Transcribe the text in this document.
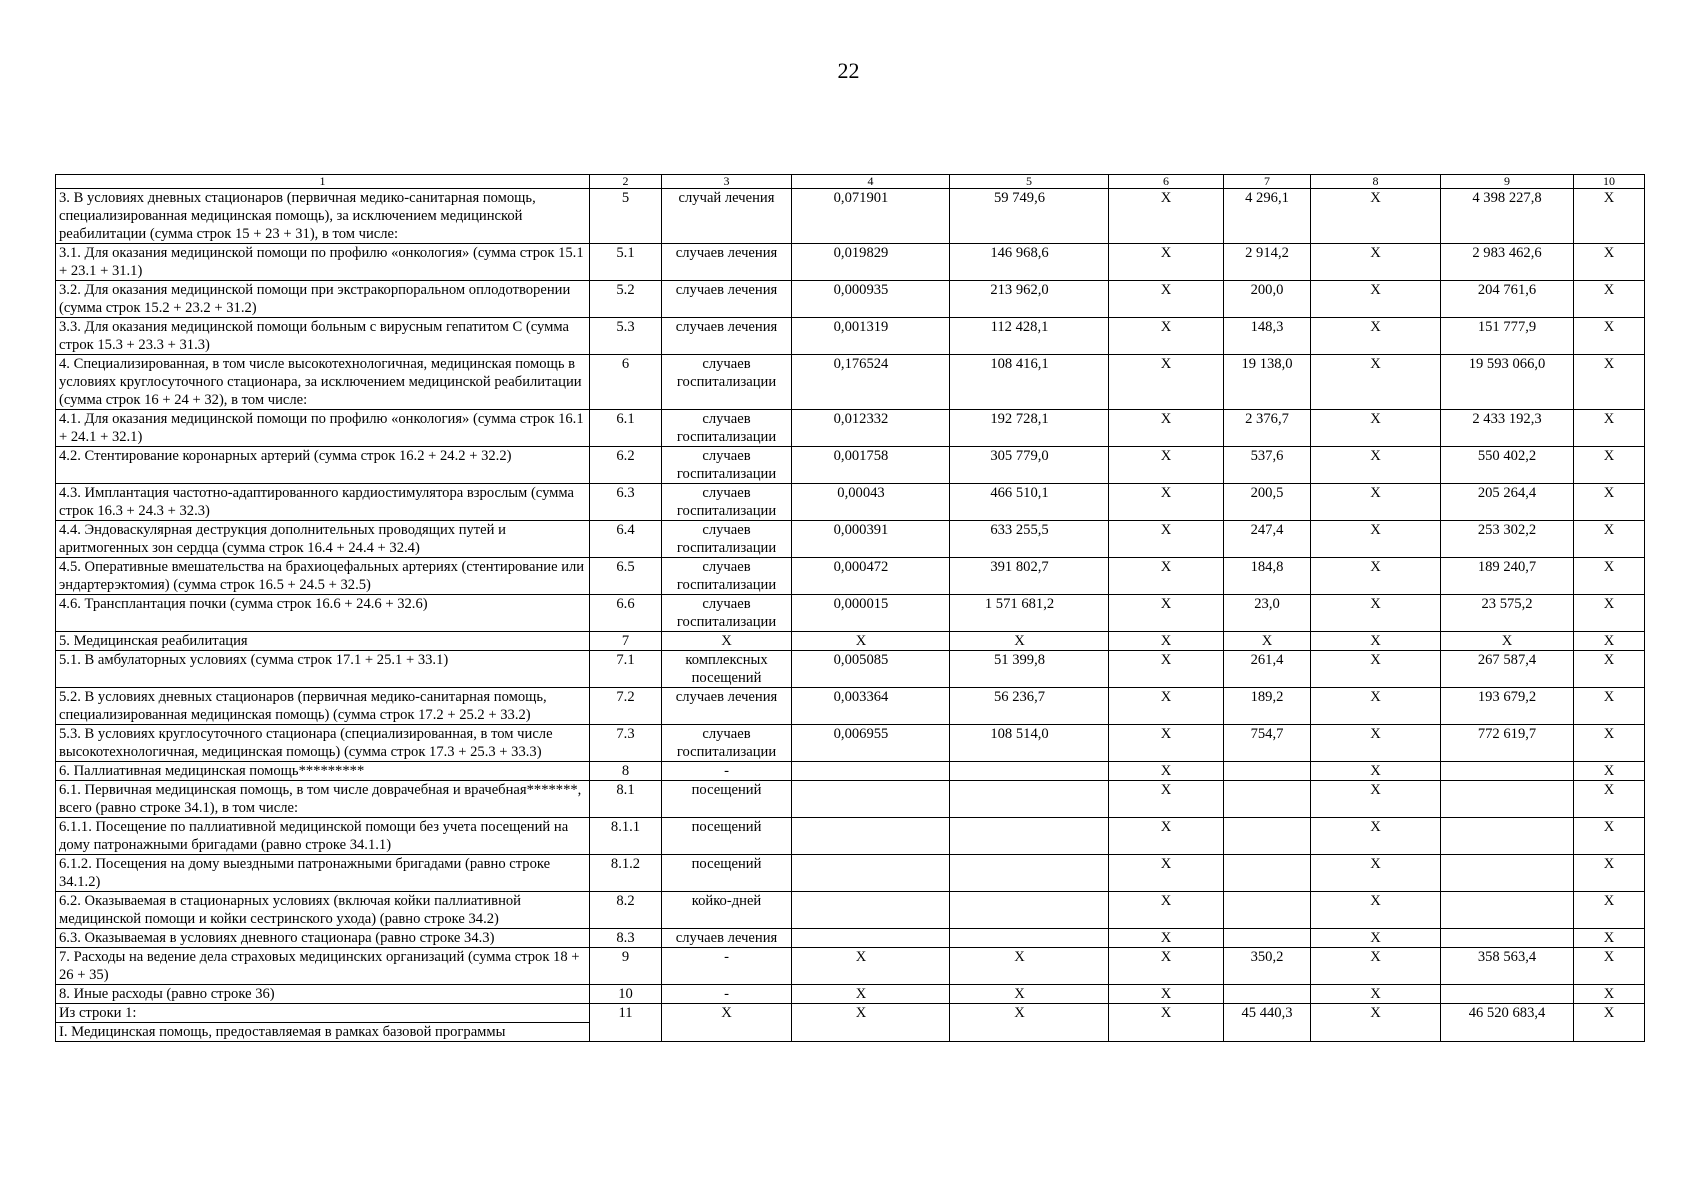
22
1	2	3	4	5	6	7	8	9	10
3. В условиях дневных стационаров (первичная медико-санитарная помощь, специализированная медицинская помощь), за исключением медицинской реабилитации (сумма строк 15 + 23 + 31), в том числе:	5	случай лечения	0,071901	59 749,6	X	4 296,1	X	4 398 227,8	X
3.1. Для оказания медицинской помощи по профилю «онкология» (сумма строк 15.1 + 23.1 + 31.1)	5.1	случаев лечения	0,019829	146 968,6	X	2 914,2	X	2 983 462,6	X
3.2. Для оказания медицинской помощи при экстракорпоральном оплодотворении (сумма строк 15.2 + 23.2 + 31.2)	5.2	случаев лечения	0,000935	213 962,0	X	200,0	X	204 761,6	X
3.3. Для оказания медицинской помощи больным с вирусным гепатитом С (сумма строк 15.3 + 23.3 + 31.3)	5.3	случаев лечения	0,001319	112 428,1	X	148,3	X	151 777,9	X
4. Специализированная, в том числе высокотехнологичная, медицинская помощь в условиях круглосуточного стационара, за исключением медицинской реабилитации (сумма строк 16 + 24 + 32), в том числе:	6	случаев госпитализации	0,176524	108 416,1	X	19 138,0	X	19 593 066,0	X
4.1. Для оказания медицинской помощи по профилю «онкология» (сумма строк 16.1 + 24.1 + 32.1)	6.1	случаев госпитализации	0,012332	192 728,1	X	2 376,7	X	2 433 192,3	X
4.2. Стентирование коронарных артерий (сумма строк 16.2 + 24.2 + 32.2)	6.2	случаев госпитализации	0,001758	305 779,0	X	537,6	X	550 402,2	X
4.3. Имплантация частотно-адаптированного кардиостимулятора взрослым (сумма строк 16.3 + 24.3 + 32.3)	6.3	случаев госпитализации	0,00043	466 510,1	X	200,5	X	205 264,4	X
4.4. Эндоваскулярная деструкция дополнительных проводящих путей и аритмогенных зон сердца (сумма строк 16.4 + 24.4 + 32.4)	6.4	случаев госпитализации	0,000391	633 255,5	X	247,4	X	253 302,2	X
4.5. Оперативные вмешательства на брахиоцефальных артериях (стентирование или эндартерэктомия) (сумма строк 16.5 + 24.5 + 32.5)	6.5	случаев госпитализации	0,000472	391 802,7	X	184,8	X	189 240,7	X
4.6. Трансплантация почки (сумма строк 16.6 + 24.6 + 32.6)	6.6	случаев госпитализации	0,000015	1 571 681,2	X	23,0	X	23 575,2	X
5. Медицинская реабилитация	7	X	X	X	X	X	X	X	X
5.1. В амбулаторных условиях (сумма строк 17.1 + 25.1 + 33.1)	7.1	комплексных посещений	0,005085	51 399,8	X	261,4	X	267 587,4	X
5.2. В условиях дневных стационаров (первичная медико-санитарная помощь, специализированная медицинская помощь) (сумма строк 17.2 + 25.2 + 33.2)	7.2	случаев лечения	0,003364	56 236,7	X	189,2	X	193 679,2	X
5.3. В условиях круглосуточного стационара (специализированная, в том числе высокотехнологичная, медицинская помощь) (сумма строк 17.3 + 25.3 + 33.3)	7.3	случаев госпитализации	0,006955	108 514,0	X	754,7	X	772 619,7	X
6. Паллиативная медицинская помощь*********	8	-			X		X		X
6.1. Первичная медицинская помощь, в том числе доврачебная и врачебная*******, всего (равно строке 34.1), в том числе:	8.1	посещений			X		X		X
6.1.1. Посещение по паллиативной медицинской помощи без учета посещений на дому патронажными бригадами (равно строке 34.1.1)	8.1.1	посещений			X		X		X
6.1.2. Посещения на дому выездными патронажными бригадами (равно строке 34.1.2)	8.1.2	посещений			X		X		X
6.2. Оказываемая в стационарных условиях (включая койки паллиативной медицинской помощи и койки сестринского ухода) (равно строке 34.2)	8.2	койко-дней			X		X		X
6.3. Оказываемая в условиях дневного стационара (равно строке 34.3)	8.3	случаев лечения			X		X		X
7. Расходы на ведение дела страховых медицинских организаций (сумма строк 18 + 26 + 35)	9	-	X	X	X	350,2	X	358 563,4	X
8. Иные расходы (равно строке 36)	10	-	X	X	X		X		X

Из строки 1:
I. Медицинская помощь, предоставляемая в рамках базовой программы	11	X	X	X	X	45 440,3	X	46 520 683,4	X
